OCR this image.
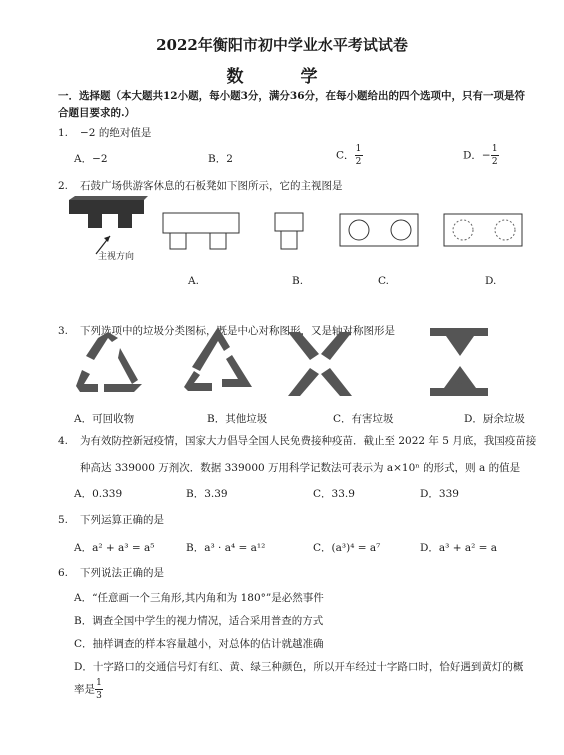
2022年衡阳市初中学业水平考试试卷
数　学
一．选择题（本大题共12小题，每小题3分，满分36分，在每小题给出的四个选项中，只有一项是符合题目要求的.）
1. −2 的绝对值是
A．−2	B．2	C． $\frac{1}{2}$	D．− $\frac{1}{2}$
2. 石鼓广场供游客休息的石板凳如下图所示，它的主视图是
主视方向
A.	B.	C.	D.
3. 下列选项中的垃圾分类图标，既是中心对称图形，又是轴对称图形是
A．可回收物	B．其他垃圾	C．有害垃圾	D．厨余垃圾
4. 为有效防控新冠疫情，国家大力倡导全国人民免费接种疫苗．截止至 2022 年 5 月底，我国疫苗接
种高达 339000 万剂次．数据 339000 万用科学记数法可表示为 a×10ⁿ 的形式，则 a 的值是
A．0.339	B．3.39	C．33.9	D．339
5. 下列运算正确的是
A．a² + a³ = a⁵	B．a³ · a⁴ = a¹²	C．(a³)⁴ = a⁷	D．a³ + a² = a
6. 下列说法正确的是
A．“任意画一个三角形,其内角和为 180°”是必然事件
B．调查全国中学生的视力情况，适合采用普查的方式
C．抽样调查的样本容量越小，对总体的估计就越准确
D．十字路口的交通信号灯有红、黄、绿三种颜色，所以开车经过十字路口时，恰好遇到黄灯的概
率是 $\frac{1}{3}$
